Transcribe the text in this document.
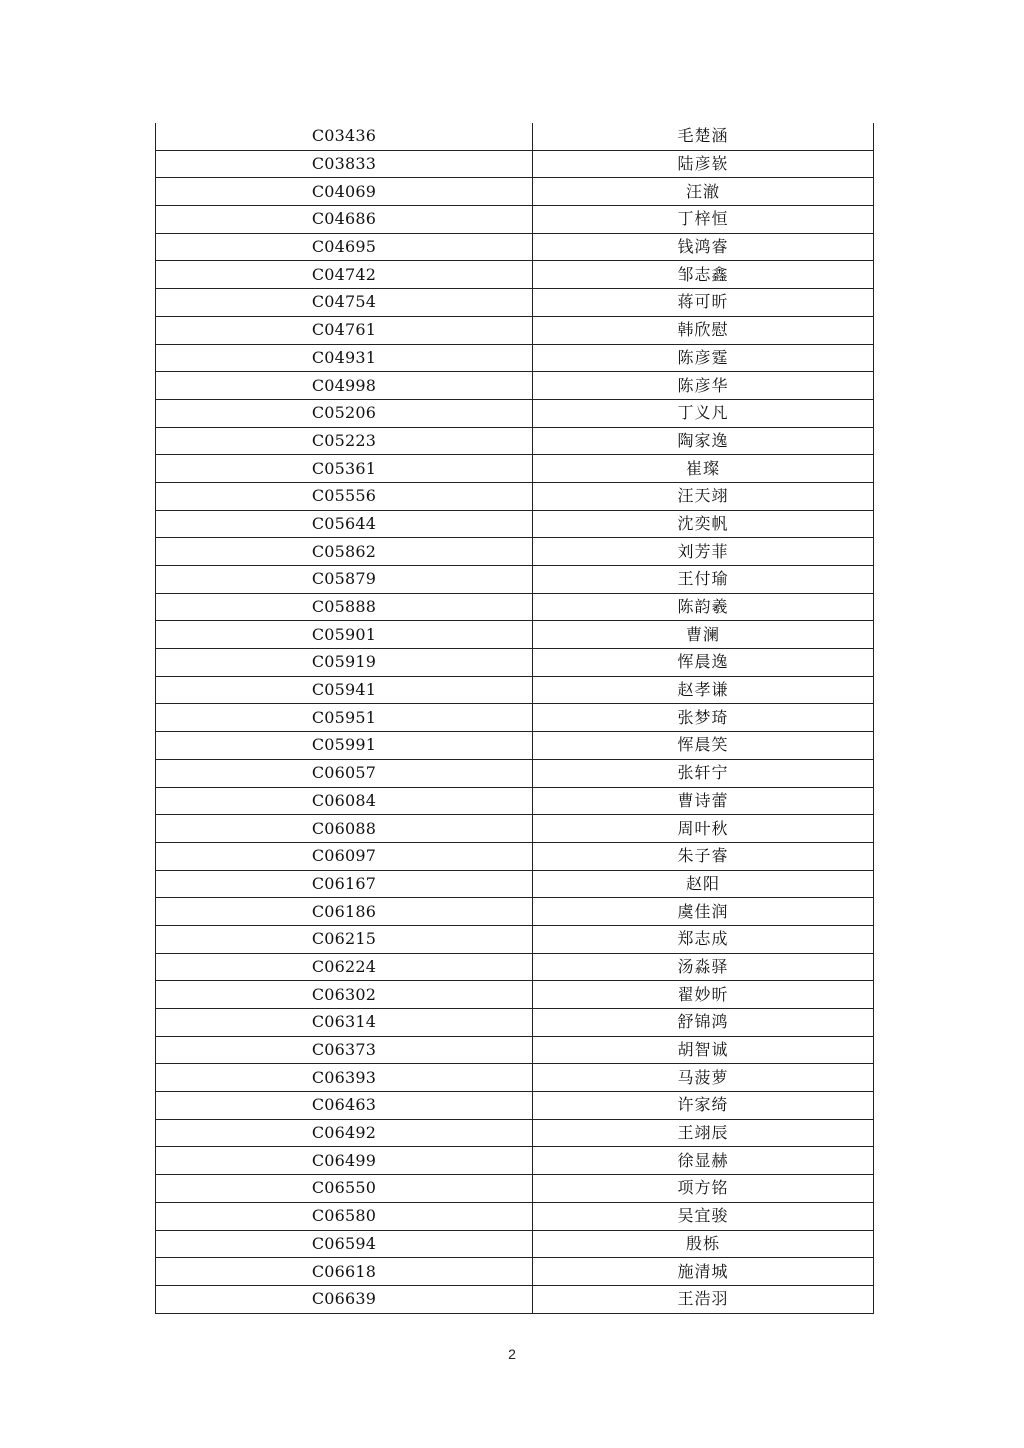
C03436	毛楚涵
C03833	陆彦嵚
C04069	汪澈
C04686	丁梓恒
C04695	钱鸿睿
C04742	邹志鑫
C04754	蒋可昕
C04761	韩欣慰
C04931	陈彦霆
C04998	陈彦华
C05206	丁义凡
C05223	陶家逸
C05361	崔璨
C05556	汪天翊
C05644	沈奕帆
C05862	刘芳菲
C05879	王付瑜
C05888	陈韵羲
C05901	曹澜
C05919	恽晨逸
C05941	赵孝谦
C05951	张梦琦
C05991	恽晨笑
C06057	张轩宁
C06084	曹诗蕾
C06088	周叶秋
C06097	朱子睿
C06167	赵阳
C06186	虞佳润
C06215	郑志成
C06224	汤淼驿
C06302	翟妙昕
C06314	舒锦鸿
C06373	胡智诚
C06393	马菠萝
C06463	许家绮
C06492	王翊辰
C06499	徐显赫
C06550	项方铭
C06580	吴宜骏
C06594	殷栎
C06618	施清城
C06639	王浩羽
2
